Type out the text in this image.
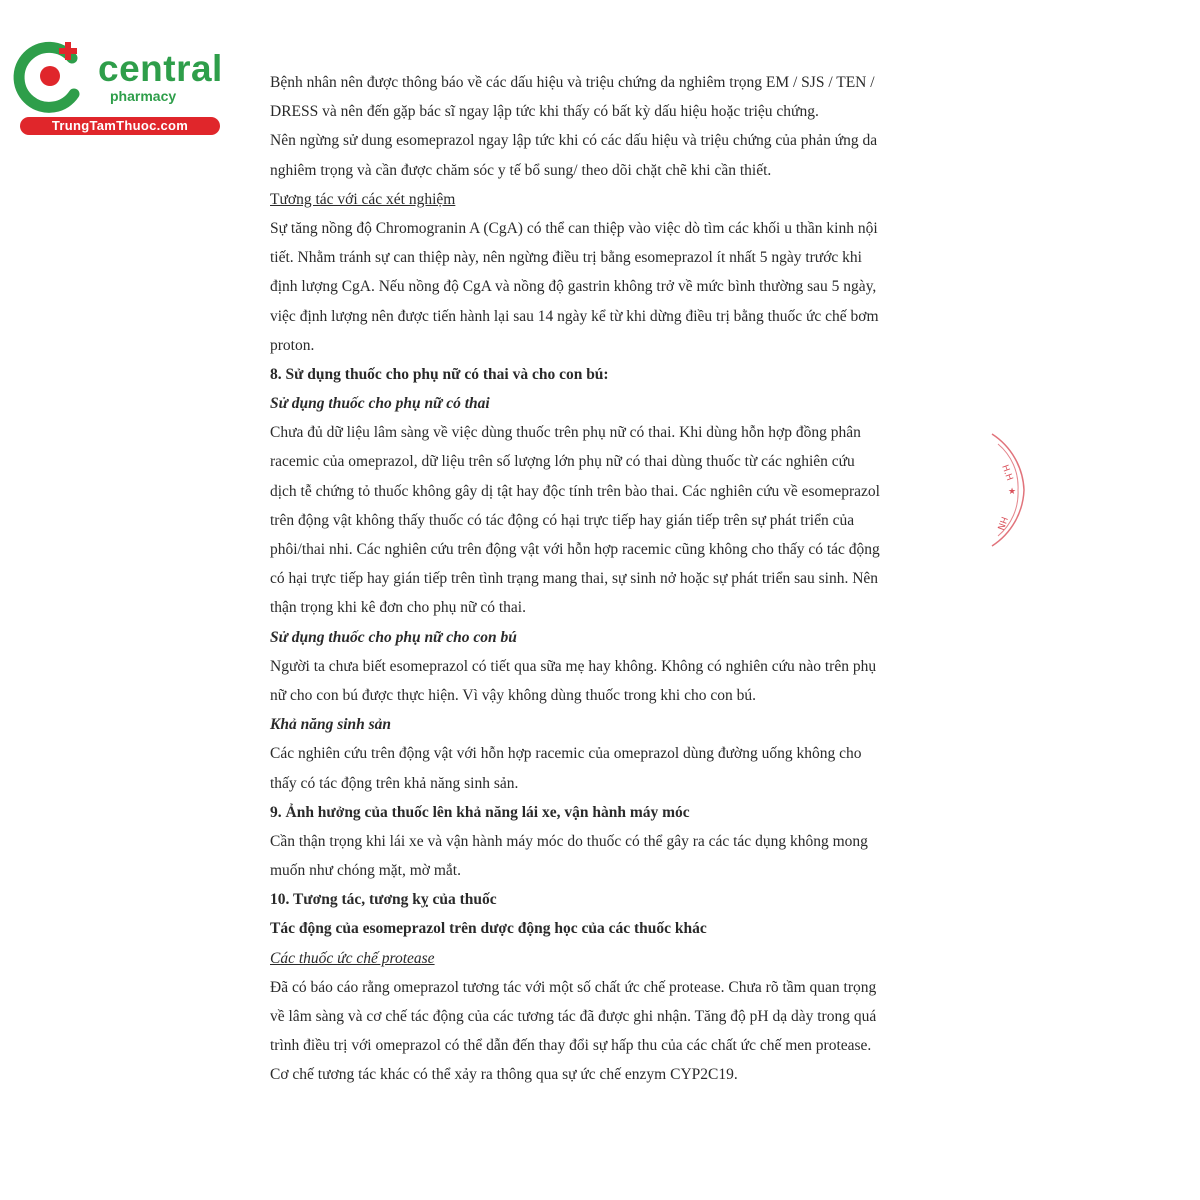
central
pharmacy
TrungTamThuoc.com
H.H
★
HN
Bệnh nhân nên được thông báo về các dấu hiệu và triệu chứng da nghiêm trọng EM / SJS / TEN /
DRESS và nên đến gặp bác sĩ ngay lập tức khi thấy có bất kỳ dấu hiệu hoặc triệu chứng.
Nên ngừng sử dung esomeprazol ngay lập tức khi có các dấu hiệu và triệu chứng của phản ứng da
nghiêm trọng và cần được chăm sóc y tế bổ sung/ theo dõi chặt chẽ khi cần thiết.
Tương tác với các xét nghiệm
Sự tăng nồng độ Chromogranin A (CgA) có thể can thiệp vào việc dò tìm các khối u thần kinh nội
tiết. Nhằm tránh sự can thiệp này, nên ngừng điều trị bằng esomeprazol ít nhất 5 ngày trước khi
định lượng CgA. Nếu nồng độ CgA và nồng độ gastrin không trở về mức bình thường sau 5 ngày,
việc định lượng nên được tiến hành lại sau 14 ngày kể từ khi dừng điều trị bằng thuốc ức chế bơm
proton.
8. Sử dụng thuốc cho phụ nữ có thai và cho con bú:
Sử dụng thuốc cho phụ nữ có thai
Chưa đủ dữ liệu lâm sàng về việc dùng thuốc trên phụ nữ có thai. Khi dùng hỗn hợp đồng phân
racemic của omeprazol, dữ liệu trên số lượng lớn phụ nữ có thai dùng thuốc từ các nghiên cứu
dịch tễ chứng tỏ thuốc không gây dị tật hay độc tính trên bào thai. Các nghiên cứu về esomeprazol
trên động vật không thấy thuốc có tác động có hại trực tiếp hay gián tiếp trên sự phát triển của
phôi/thai nhi. Các nghiên cứu trên động vật với hỗn hợp racemic cũng không cho thấy có tác động
có hại trực tiếp hay gián tiếp trên tình trạng mang thai, sự sinh nở hoặc sự phát triển sau sinh. Nên
thận trọng khi kê đơn cho phụ nữ có thai.
Sử dụng thuốc cho phụ nữ cho con bú
Người ta chưa biết esomeprazol có tiết qua sữa mẹ hay không. Không có nghiên cứu nào trên phụ
nữ cho con bú được thực hiện. Vì vậy không dùng thuốc trong khi cho con bú.
Khả năng sinh sản
Các nghiên cứu trên động vật với hỗn hợp racemic của omeprazol dùng đường uống không cho
thấy có tác động trên khả năng sinh sản.
9. Ảnh hưởng của thuốc lên khả năng lái xe, vận hành máy móc
Cần thận trọng khi lái xe và vận hành máy móc do thuốc có thể gây ra các tác dụng không mong
muốn như chóng mặt, mờ mắt.
10. Tương tác, tương kỵ của thuốc
Tác động của esomeprazol trên dược động học của các thuốc khác
Các thuốc ức chế protease
Đã có báo cáo rằng omeprazol tương tác với một số chất ức chế protease. Chưa rõ tầm quan trọng
về lâm sàng và cơ chế tác động của các tương tác đã được ghi nhận. Tăng độ pH dạ dày trong quá
trình điều trị với omeprazol có thể dẫn đến thay đổi sự hấp thu của các chất ức chế men protease.
Cơ chế tương tác khác có thể xảy ra thông qua sự ức chế enzym CYP2C19.
